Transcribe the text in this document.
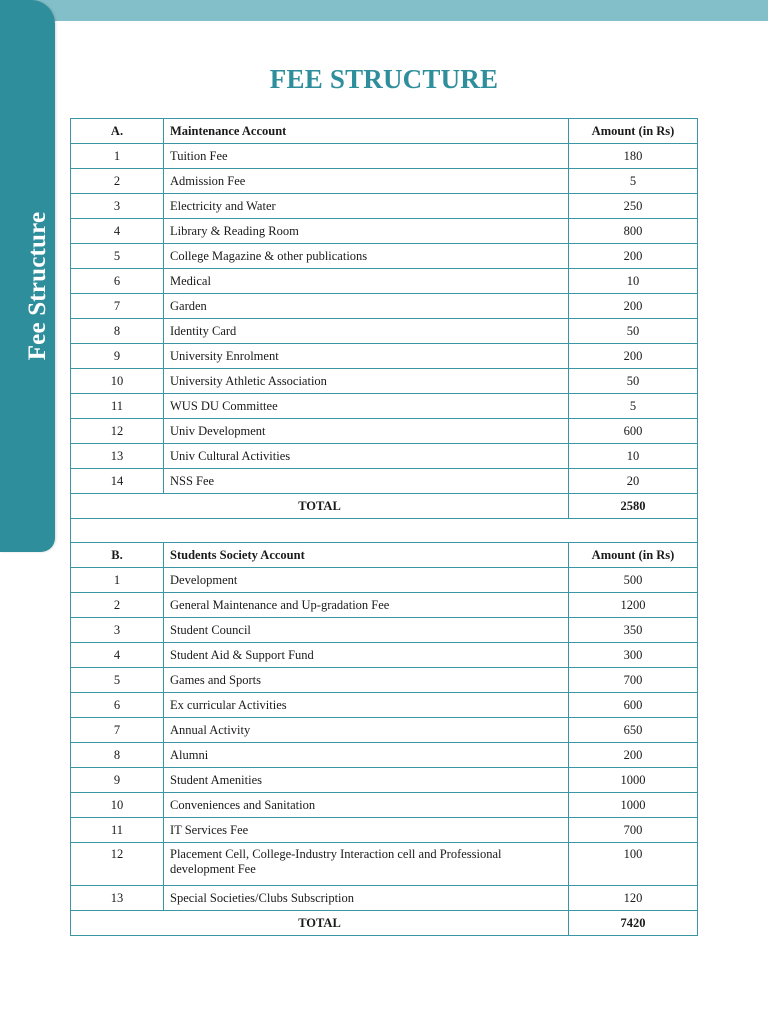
Fee Structure
FEE STRUCTURE
A.	Maintenance Account	Amount (in Rs)
1	Tuition Fee	180
2	Admission Fee	5
3	Electricity and Water	250
4	Library & Reading Room	800
5	College Magazine & other publications	200
6	Medical	10
7	Garden	200
8	Identity Card	50
9	University Enrolment	200
10	University Athletic Association	50
11	WUS DU Committee	5
12	Univ Development	600
13	Univ Cultural Activities	10
14	NSS Fee	20
TOTAL		2580

B.	Students Society Account	Amount (in Rs)
1	Development	500
2	General Maintenance and Up-gradation Fee	1200
3	Student Council	350
4	Student Aid & Support Fund	300
5	Games and Sports	700
6	Ex curricular Activities	600
7	Annual Activity	650
8	Alumni	200
9	Student Amenities	1000
10	Conveniences and Sanitation	1000
11	IT Services Fee	700
12	Placement Cell, College-Industry Interaction cell and Professional development Fee	100
13	Special Societies/Clubs Subscription	120
TOTAL		7420
